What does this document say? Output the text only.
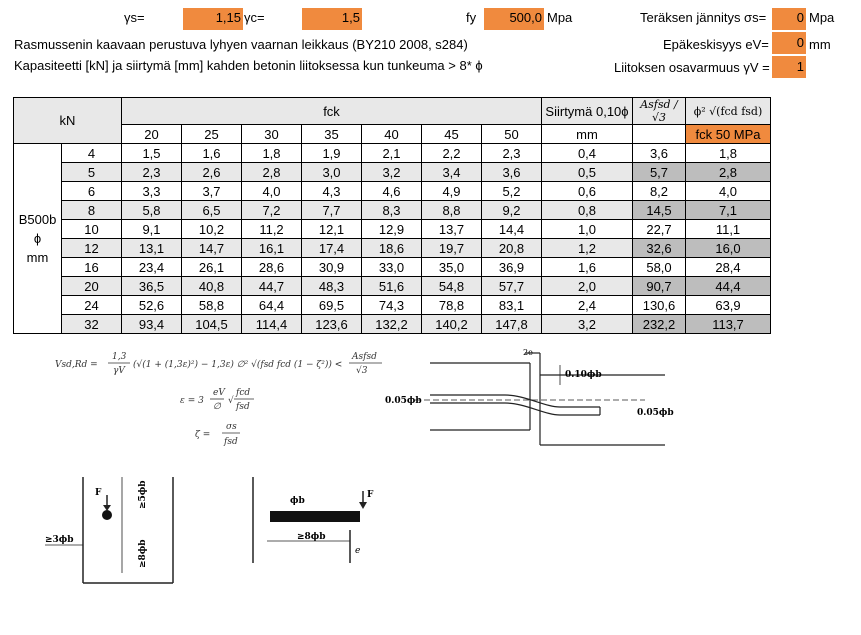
γs=	1,15 γc=	1,5	fy	500,0 Mpa	Teräksen jännitys σs=	0 Mpa
Rasmussenin kaavaan perustuva lyhyen vaarnan leikkaus (BY210 2008, s284)	Epäkeskisyys eV=	0 mm
Kapasiteetti [kN] ja siirtymä [mm] kahden betonin liitoksessa kun tunkeuma > 8* ϕ	Liitoksen osavarmuus γV =	1
kN		fck							Siirtymä 0,10ϕ	Asfsd / √3	ϕ² √(fcd fsd)
		20	25	30	35	40	45	50	mm		fck 50 MPa

B500b
ϕ
mm	4	1,5	1,6	1,8	1,9	2,1	2,2	2,3	0,4	3,6	1,8
	5	2,3	2,6	2,8	3,0	3,2	3,4	3,6	0,5	5,7	2,8
	6	3,3	3,7	4,0	4,3	4,6	4,9	5,2	0,6	8,2	4,0
	8	5,8	6,5	7,2	7,7	8,3	8,8	9,2	0,8	14,5	7,1
	10	9,1	10,2	11,2	12,1	12,9	13,7	14,4	1,0	22,7	11,1
	12	13,1	14,7	16,1	17,4	18,6	19,7	20,8	1,2	32,6	16,0
	16	23,4	26,1	28,6	30,9	33,0	35,0	36,9	1,6	58,0	28,4
	20	36,5	40,8	44,7	48,3	51,6	54,8	57,7	2,0	90,7	44,4
	24	52,6	58,8	64,4	69,5	74,3	78,8	83,1	2,4	130,6	63,9
	32	93,4	104,5	114,4	123,6	132,2	140,2	147,8	3,2	232,2	113,7
Vsd,Rd =
1,3
γV
(√(1 + (1,3ε)²) − 1,3ε) ∅² √(fsd fcd (1 − ζ²)) <
Asfsd
√3
ε = 3
eV
∅
√
fcd
fsd
ζ =
σs
fsd
2e
0.10ϕb
0.05ϕb
0.05ϕb
F	≥5ϕb
≥3ϕb	≥8ϕb
ϕb
F
≥8ϕb
e
